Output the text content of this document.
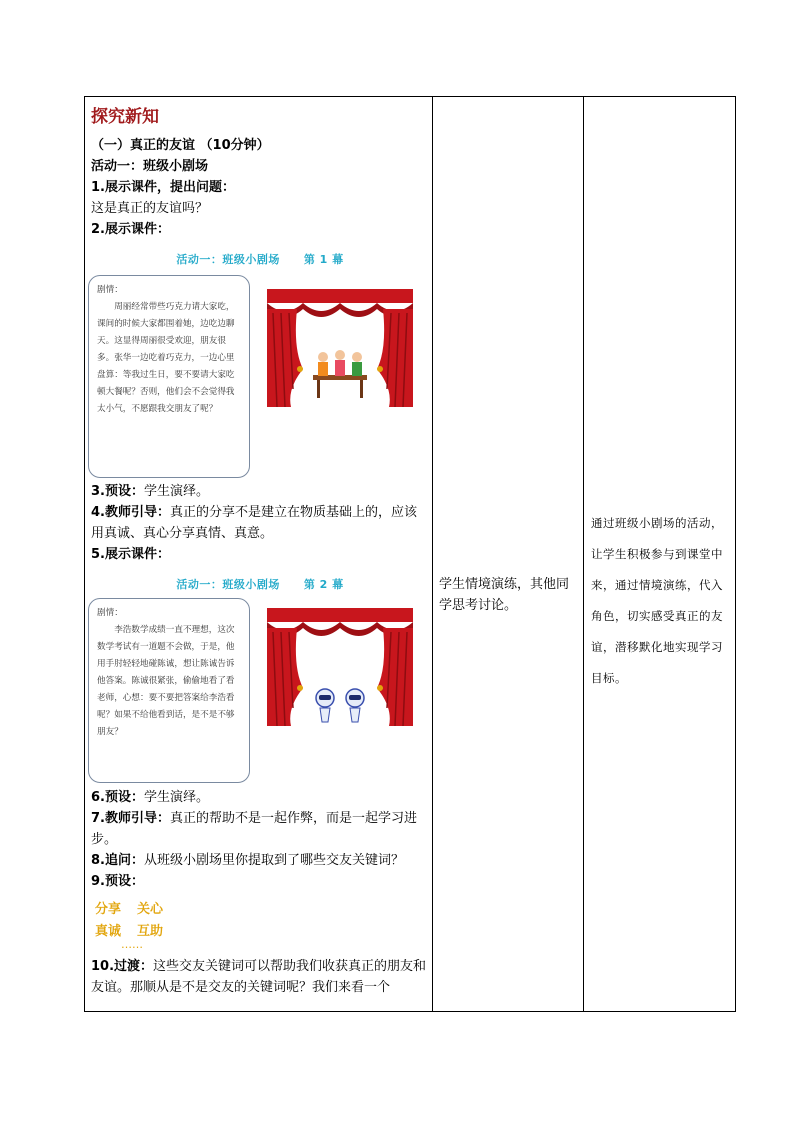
探究新知
（一）真正的友谊 （10分钟）
活动一：班级小剧场
1.展示课件，提出问题：
这是真正的友谊吗？
2.展示课件：
活动一：班级小剧场 第 1 幕
剧情：
周丽经常带些巧克力请大家吃，课间的时候大家都围着她，边吃边聊天。这显得周丽很受欢迎，朋友很多。张华一边吃着巧克力，一边心里盘算：等我过生日，要不要请大家吃顿大餐呢？否则，他们会不会觉得我太小气，不愿跟我交朋友了呢？
3.预设：学生演绎。
4.教师引导：真正的分享不是建立在物质基础上的，应该用真诚、真心分享真情、真意。
5.展示课件：
活动一：班级小剧场 第 2 幕
剧情：
李浩数学成绩一直不理想，这次数学考试有一道题不会做，于是，他用手肘轻轻地碰陈诚，想让陈诚告诉他答案。陈诚很紧张，偷偷地看了看老师，心想：要不要把答案给李浩看呢？如果不给他看到话，是不是不够朋友？
6.预设：学生演绎。
7.教师引导：真正的帮助不是一起作弊，而是一起学习进步。
8.追问：从班级小剧场里你提取到了哪些交友关键词？
9.预设：
分享 关心
真诚 互助
……
10.过渡：这些交友关键词可以帮助我们收获真正的朋友和友谊。那顺从是不是交友的关键词呢？我们来看一个
学生情境演练，其他同学思考讨论。
通过班级小剧场的活动，让学生积极参与到课堂中来，通过情境演练，代入角色，切实感受真正的友谊，潜移默化地实现学习目标。
